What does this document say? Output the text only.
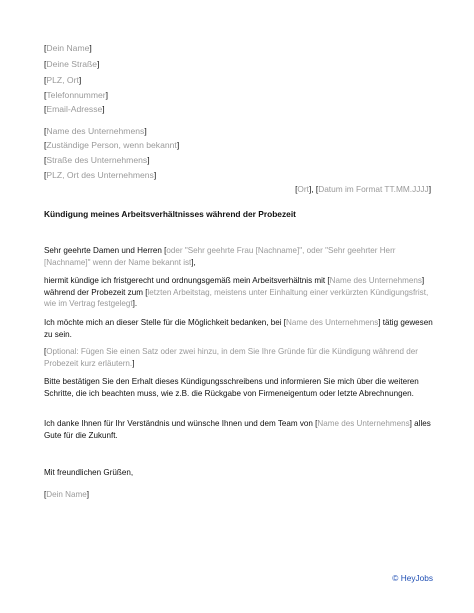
[Dein Name]
[Deine Straße]
[PLZ, Ort]
[Telefonnummer]
[Email-Adresse]
[Name des Unternehmens]
[Zuständige Person, wenn bekannt]
[Straße des Unternehmens]
[PLZ, Ort des Unternehmens]
[Ort], [Datum im Format TT.MM.JJJJ]
Kündigung meines Arbeitsverhältnisses während der Probezeit
Sehr geehrte Damen und Herren [oder "Sehr geehrte Frau [Nachname]", oder "Sehr geehrter Herr [Nachname]" wenn der Name bekannt ist],
hiermit kündige ich fristgerecht und ordnungsgemäß mein Arbeitsverhältnis mit [Name des Unternehmens] während der Probezeit zum [letzten Arbeitstag, meistens unter Einhaltung einer verkürzten Kündigungsfrist, wie im Vertrag festgelegt].
Ich möchte mich an dieser Stelle für die Möglichkeit bedanken, bei [Name des Unternehmens] tätig gewesen zu sein.
[Optional: Fügen Sie einen Satz oder zwei hinzu, in dem Sie Ihre Gründe für die Kündigung während der Probezeit kurz erläutern.]
Bitte bestätigen Sie den Erhalt dieses Kündigungsschreibens und informieren Sie mich über die weiteren Schritte, die ich beachten muss, wie z.B. die Rückgabe von Firmeneigentum oder letzte Abrechnungen.
Ich danke Ihnen für Ihr Verständnis und wünsche Ihnen und dem Team von [Name des Unternehmens] alles Gute für die Zukunft.
Mit freundlichen Grüßen,
[Dein Name]
© HeyJobs
